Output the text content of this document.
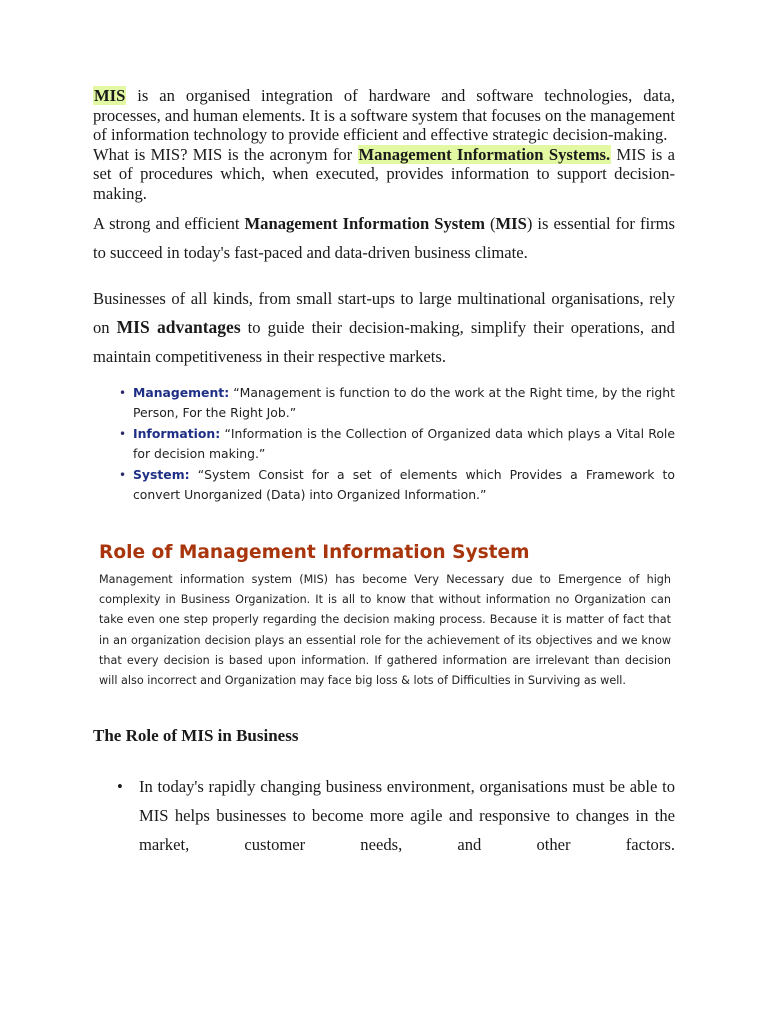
MIS is an organised integration of hardware and software technologies, data, processes, and human elements. It is a software system that focuses on the management of information technology to provide efficient and effective strategic decision-making.
What is MIS? MIS is the acronym for Management Information Systems. MIS is a set of procedures which, when executed, provides information to support decision-making.

A strong and efficient Management Information System (MIS) is essential for firms to succeed in today's fast-paced and data-driven business climate.

Businesses of all kinds, from small start-ups to large multinational organisations, rely on MIS advantages to guide their decision-making, simplify their operations, and maintain competitiveness in their respective markets.

• Management: “Management is function to do the work at the Right time, by the right Person, For the Right Job.”
• Information: “Information is the Collection of Organized data which plays a Vital Role for decision making.”
• System: “System Consist for a set of elements which Provides a Framework to convert Unorganized (Data) into Organized Information.”
Role of Management Information System

Management information system (MIS) has become Very Necessary due to Emergence of high complexity in Business Organization. It is all to know that without information no Organization can take even one step properly regarding the decision making process. Because it is matter of fact that in an organization decision plays an essential role for the achievement of its objectives and we know that every decision is based upon information. If gathered information are irrelevant than decision will also incorrect and Organization may face big loss & lots of Difficulties in Surviving as well.

The Role of MIS in Business
• In today's rapidly changing business environment, organisations must be able to MIS helps businesses to become more agile and responsive to changes in the market, customer needs, and other factors.
